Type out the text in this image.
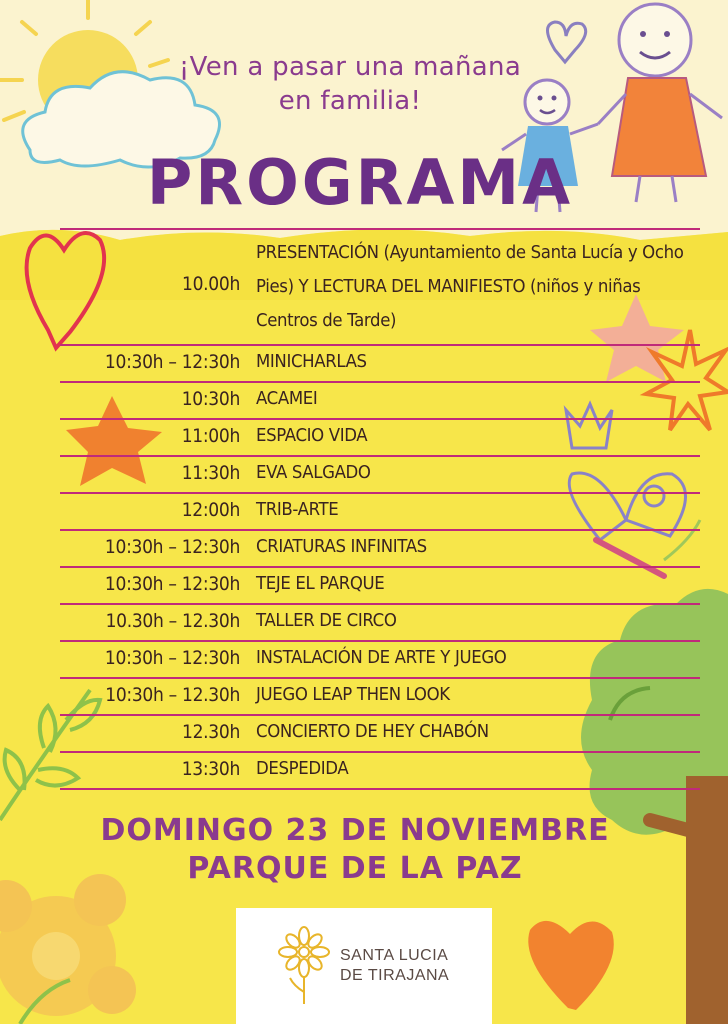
¡Ven a pasar una mañana
en familia!
PROGRAMA
10.00h
PRESENTACIÓN (Ayuntamiento de Santa Lucía y Ocho Pies) Y LECTURA DEL MANIFIESTO (niños y niñas Centros de Tarde)
10:30h – 12:30h MINICHARLAS
10:30h ACAMEI
11:00h ESPACIO VIDA
11:30h EVA SALGADO
12:00h TRIB-ARTE
10:30h – 12:30h CRIATURAS INFINITAS
10:30h – 12:30h TEJE EL PARQUE
10.30h – 12.30h TALLER DE CIRCO
10:30h – 12:30h INSTALACIÓN DE ARTE Y JUEGO
10:30h – 12.30h JUEGO LEAP THEN LOOK
12.30h CONCIERTO DE HEY CHABÓN
13:30h DESPEDIDA
DOMINGO 23 DE NOVIEMBRE
PARQUE DE LA PAZ
SANTA LUCIA
DE TIRAJANA
